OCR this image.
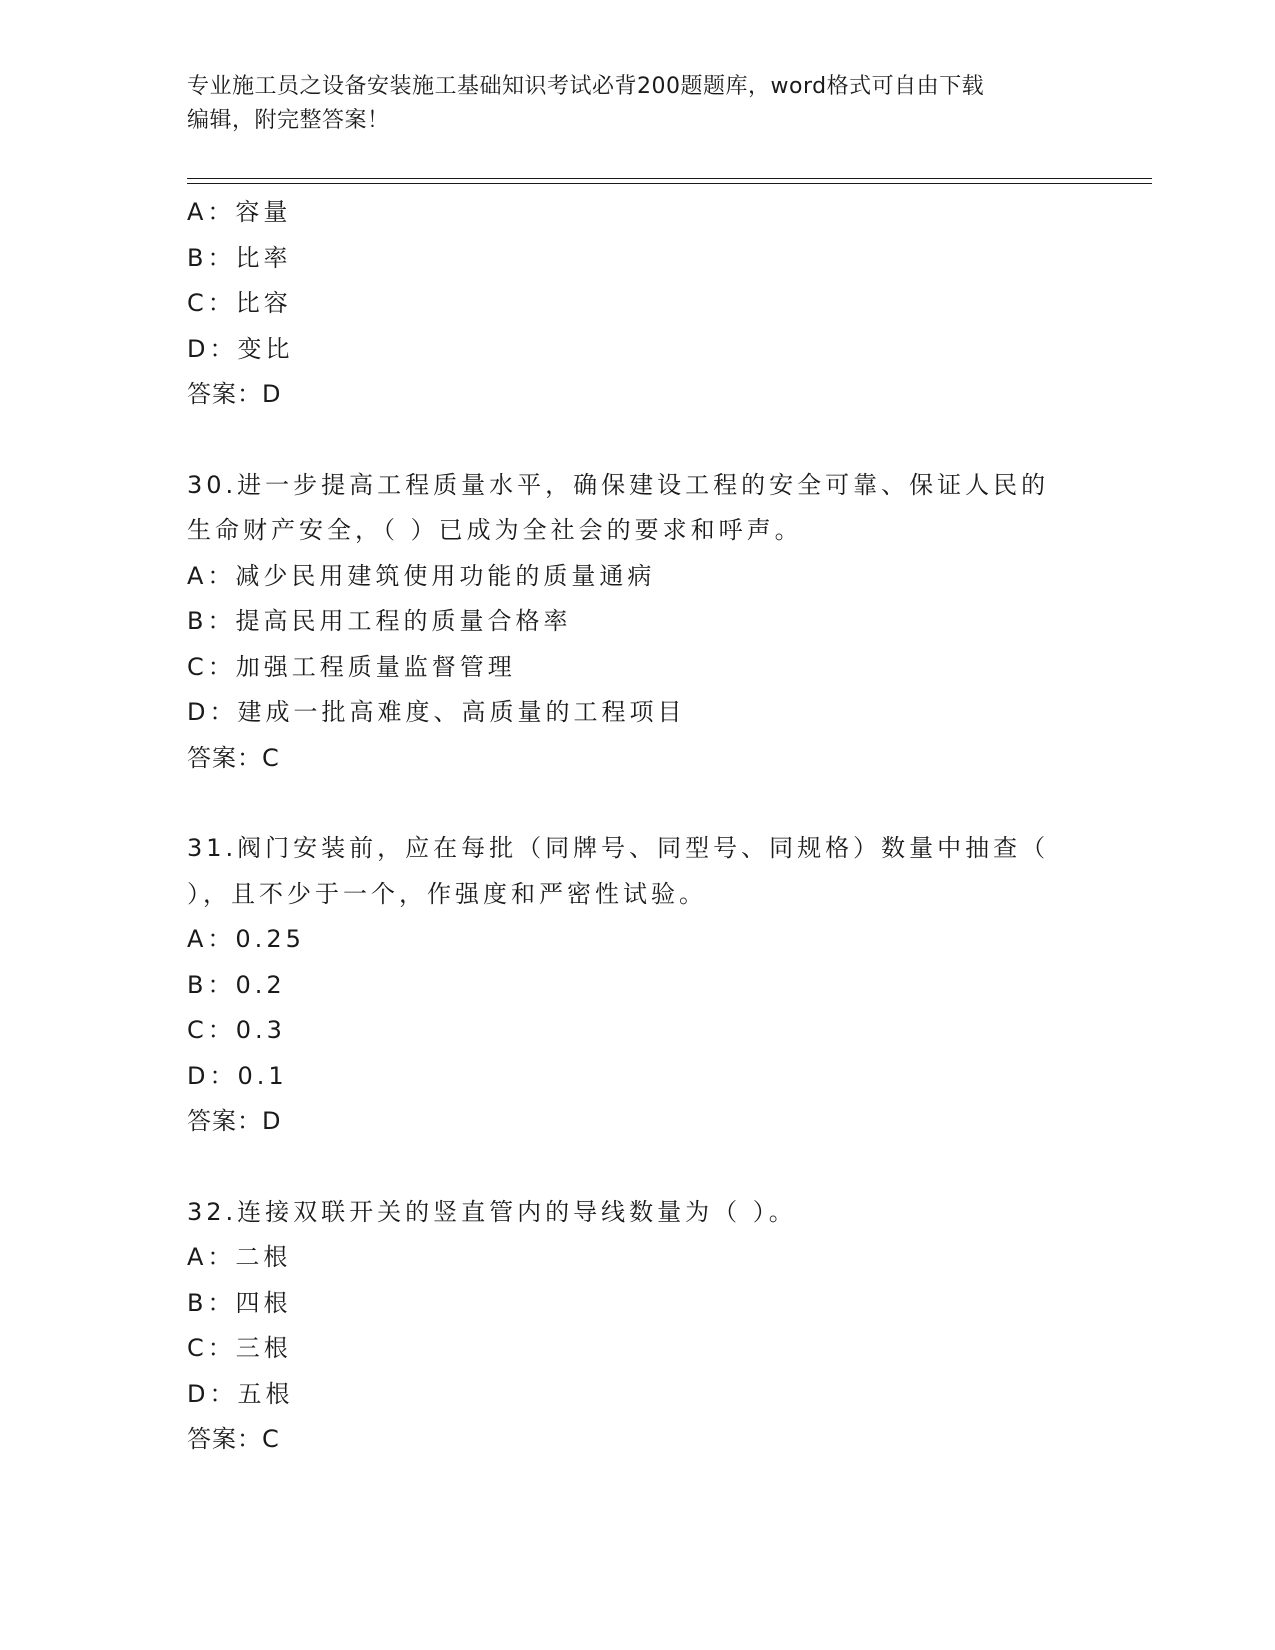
专业施工员之设备安装施工基础知识考试必背200题题库，word格式可自由下载
编辑，附完整答案！
A：容量
B：比率
C：比容
D：变比
答案：D
30.进一步提高工程质量水平，确保建设工程的安全可靠、保证人民的
生命财产安全，（ ）已成为全社会的要求和呼声。
A：减少民用建筑使用功能的质量通病
B：提高民用工程的质量合格率
C：加强工程质量监督管理
D：建成一批高难度、高质量的工程项目
答案：C
31.阀门安装前，应在每批（同牌号、同型号、同规格）数量中抽查（
），且不少于一个，作强度和严密性试验。
A：0.25
B：0.2
C：0.3
D：0.1
答案：D
32.连接双联开关的竖直管内的导线数量为（ ）。
A：二根
B：四根
C：三根
D：五根
答案：C
